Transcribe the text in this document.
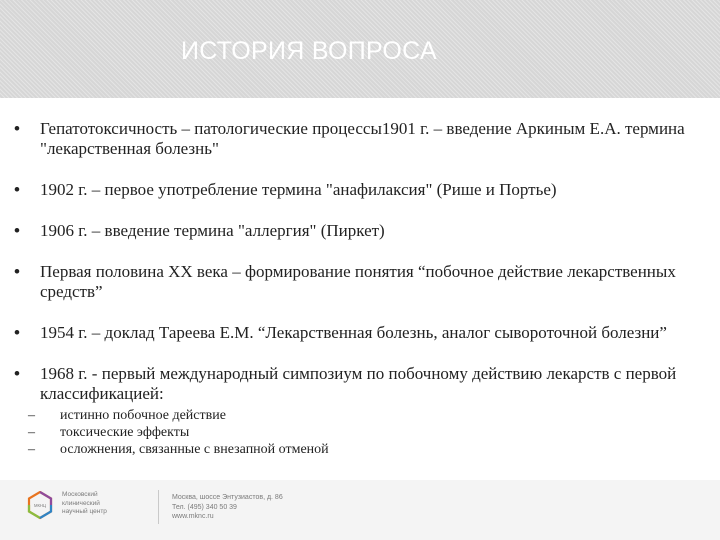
ИСТОРИЯ ВОПРОСА
• Гепатотоксичность – патологические процессы1901 г. – введение Аркиным Е.А. термина "лекарственная болезнь"
• 1902 г. – первое употребление термина "анафилаксия" (Рише и Портье)
• 1906 г. – введение термина "аллергия" (Пиркет)
• Первая половина ХХ века – формирование понятия “побочное действие лекарственных средств”
• 1954 г. – доклад Тареева Е.М. “Лекарственная болезнь, аналог сывороточной болезни”
• 1968 г. - первый международный симпозиум по побочному действию лекарств с первой классификацией:
– истинно побочное действие
– токсические эффекты
– осложнения, связанные с внезапной отменой
МКНЦ
Московский
клинический
научный центр
Москва, шоссе Энтузиастов, д. 86
Тел. (495) 340 50 39
www.mknc.ru
